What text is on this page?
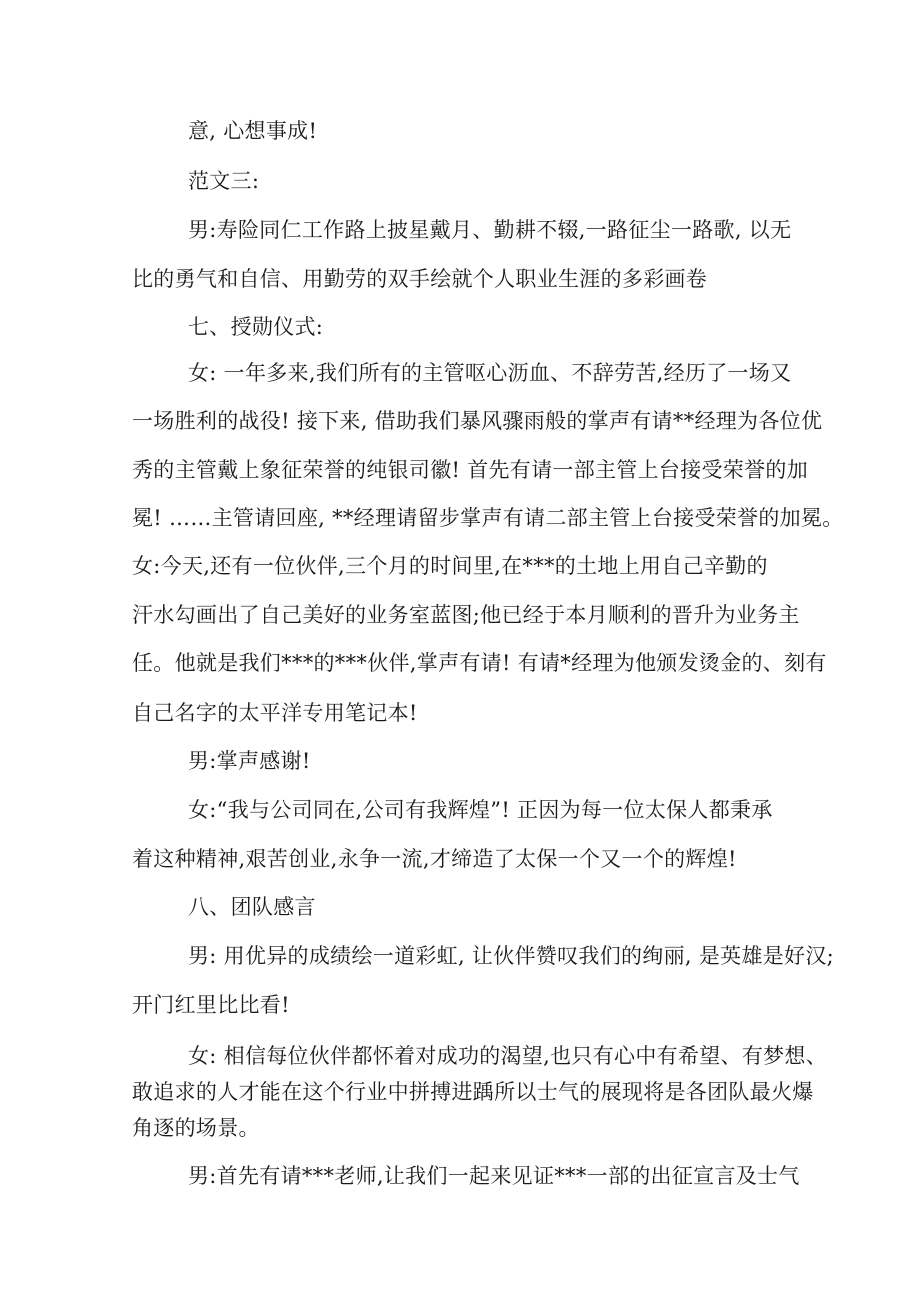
意, 心想事成!
范文三:
男:寿险同仁工作路上披星戴月、勤耕不辍,一路征尘一路歌, 以无
比的勇气和自信、用勤劳的双手绘就个人职业生涯的多彩画卷
七、授勋仪式:
女: 一年多来,我们所有的主管呕心沥血、不辞劳苦,经历了一场又
一场胜利的战役! 接下来, 借助我们暴风骤雨般的掌声有请**经理为各位优
秀的主管戴上象征荣誉的纯银司徽! 首先有请一部主管上台接受荣誉的加
冕! ……主管请回座, **经理请留步掌声有请二部主管上台接受荣誉的加冕。
女:今天,还有一位伙伴,三个月的时间里,在***的土地上用自己辛勤的
汗水勾画出了自己美好的业务室蓝图;他已经于本月顺利的晋升为业务主
任。他就是我们***的***伙伴,掌声有请! 有请*经理为他颁发烫金的、刻有
自己名字的太平洋专用笔记本!
男:掌声感谢!
女:“我与公司同在,公司有我辉煌”! 正因为每一位太保人都秉承
着这种精神,艰苦创业,永争一流,才缔造了太保一个又一个的辉煌!
八、团队感言
男: 用优异的成绩绘一道彩虹, 让伙伴赞叹我们的绚丽, 是英雄是好汉;
开门红里比比看!
女: 相信每位伙伴都怀着对成功的渴望,也只有心中有希望、有梦想、
敢追求的人才能在这个行业中拼搏进踽所以士气的展现将是各团队最火爆
角逐的场景。
男:首先有请***老师,让我们一起来见证***一部的出征宣言及士气
